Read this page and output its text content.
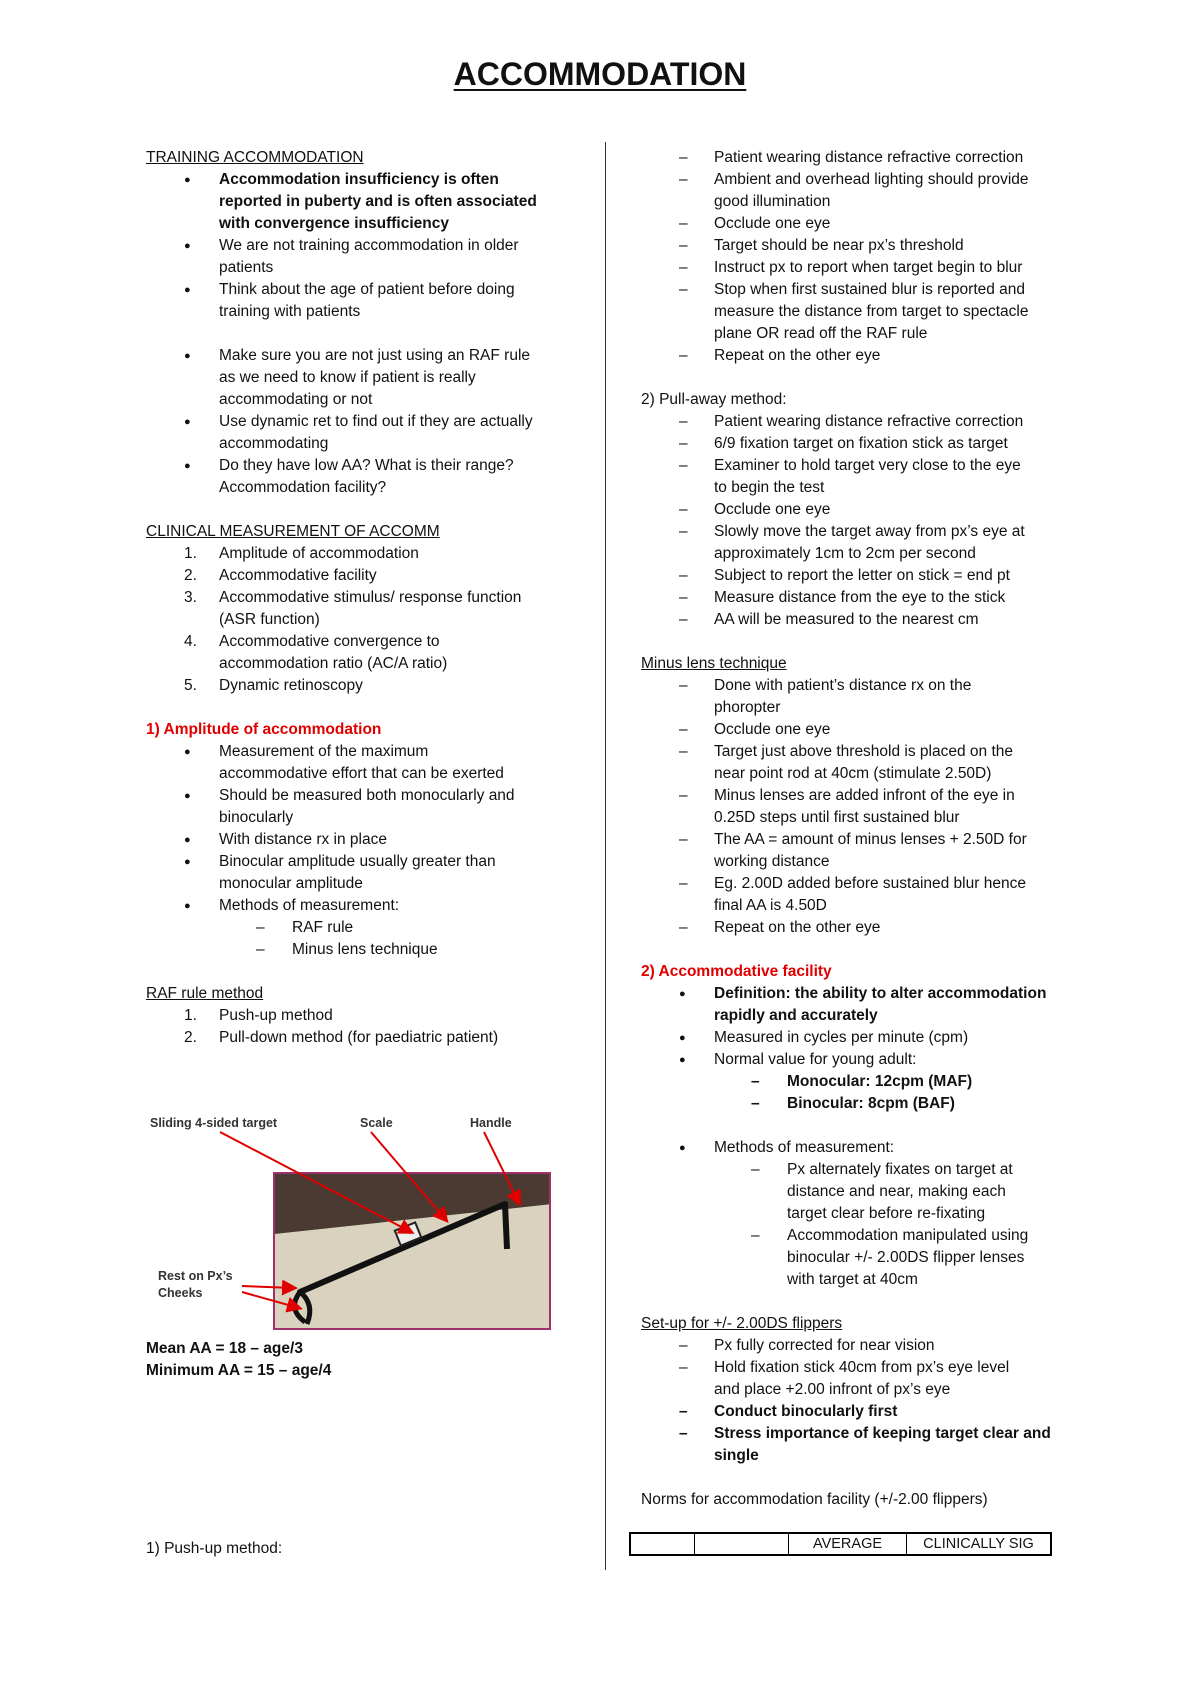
ACCOMMODATION
TRAINING ACCOMMODATION
● Accommodation insufficiency is often
reported in puberty and is often associated
with convergence insufficiency
● We are not training accommodation in older
patients
● Think about the age of patient before doing
training with patients
● Make sure you are not just using an RAF rule
as we need to know if patient is really
accommodating or not
● Use dynamic ret to find out if they are actually
accommodating
● Do they have low AA? What is their range?
Accommodation facility?
CLINICAL MEASUREMENT OF ACCOMM
1. Amplitude of accommodation
2. Accommodative facility
3. Accommodative stimulus/ response function
(ASR function)
4. Accommodative convergence to
accommodation ratio (AC/A ratio)
5. Dynamic retinoscopy
1) Amplitude of accommodation
● Measurement of the maximum
accommodative effort that can be exerted
● Should be measured both monocularly and
binocularly
● With distance rx in place
● Binocular amplitude usually greater than
monocular amplitude
● Methods of measurement:
– RAF rule
– Minus lens technique
RAF rule method
1. Push-up method
2. Pull-down method (for paediatric patient)
Sliding 4-sided target	Scale	Handle
Rest on Px’s
Cheeks
Mean AA = 18 – age/3
Minimum AA = 15 – age/4
1) Push-up method:
– Patient wearing distance refractive correction
– Ambient and overhead lighting should provide
good illumination
– Occlude one eye
– Target should be near px’s threshold
– Instruct px to report when target begin to blur
– Stop when first sustained blur is reported and
measure the distance from target to spectacle
plane OR read off the RAF rule
– Repeat on the other eye
2) Pull-away method:
– Patient wearing distance refractive correction
– 6/9 fixation target on fixation stick as target
– Examiner to hold target very close to the eye
to begin the test
– Occlude one eye
– Slowly move the target away from px’s eye at
approximately 1cm to 2cm per second
– Subject to report the letter on stick = end pt
– Measure distance from the eye to the stick
– AA will be measured to the nearest cm
Minus lens technique
– Done with patient’s distance rx on the
phoropter
– Occlude one eye
– Target just above threshold is placed on the
near point rod at 40cm (stimulate 2.50D)
– Minus lenses are added infront of the eye in
0.25D steps until first sustained blur
– The AA = amount of minus lenses + 2.50D for
working distance
– Eg. 2.00D added before sustained blur hence
final AA is 4.50D
– Repeat on the other eye
2) Accommodative facility
● Definition: the ability to alter accommodation
rapidly and accurately
● Measured in cycles per minute (cpm)
● Normal value for young adult:
– Monocular: 12cpm (MAF)
– Binocular: 8cpm (BAF)
● Methods of measurement:
– Px alternately fixates on target at
distance and near, making each
target clear before re-fixating
– Accommodation manipulated using
binocular +/- 2.00DS flipper lenses
with target at 40cm
Set-up for +/- 2.00DS flippers
– Px fully corrected for near vision
– Hold fixation stick 40cm from px’s eye level
and place +2.00 infront of px’s eye
– Conduct binocularly first
– Stress importance of keeping target clear and
single
Norms for accommodation facility (+/-2.00 flippers)
AVERAGE	CLINICALLY SIG
